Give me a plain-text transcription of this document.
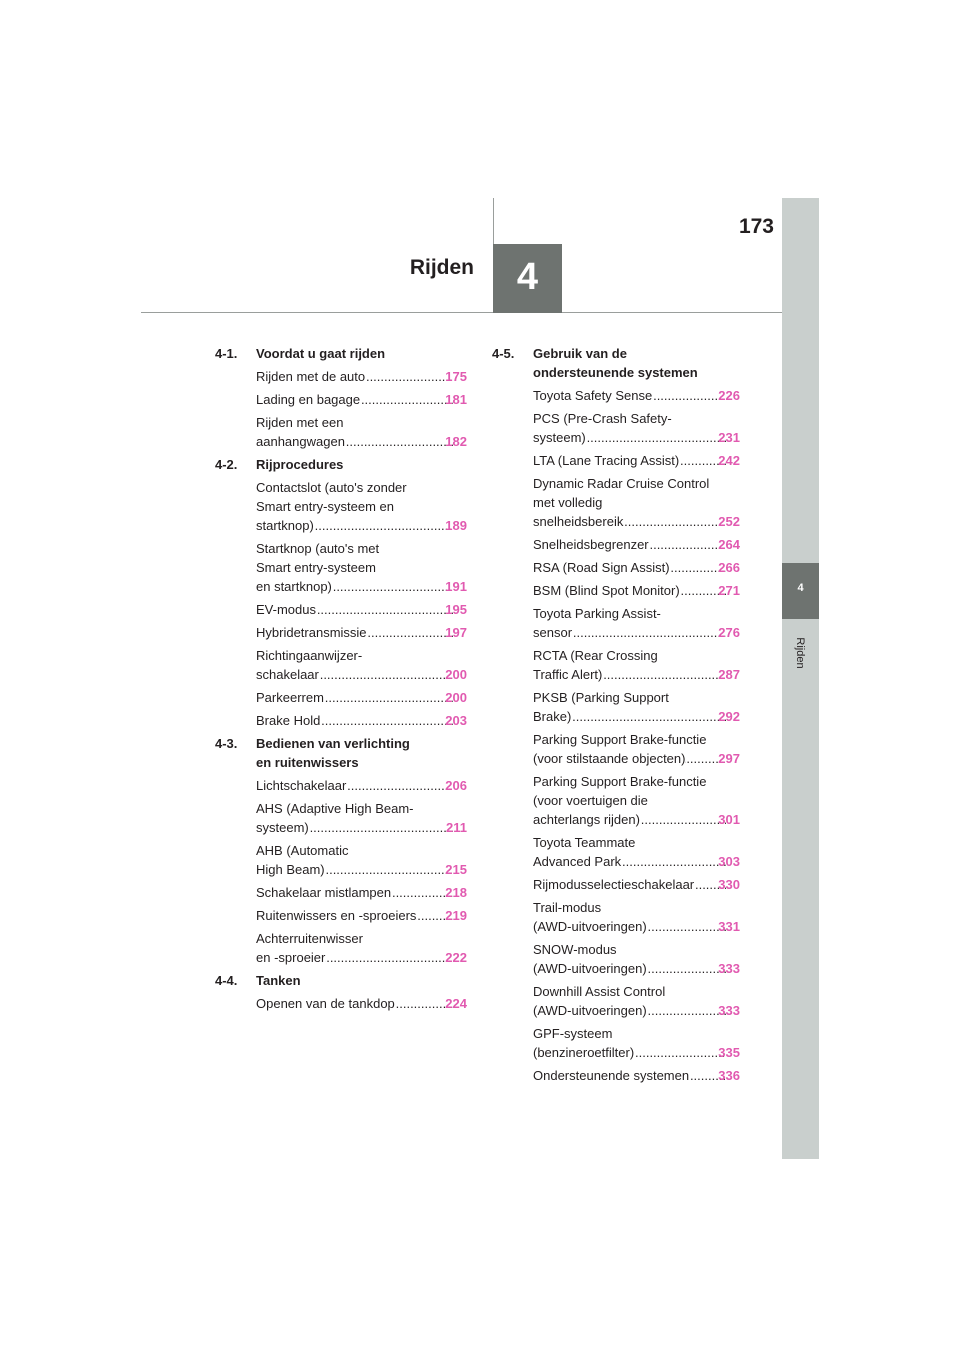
4
Rijden
173
4
Rijden
4-1.	Voordat u gaat rijden
Rijden met de auto .....	175
Lading en bagage .....	181
Rijden met een
aanhangwagen .....	182
4-2.	Rijprocedures
Contactslot (auto's zonder
Smart entry-systeem en
startknop) .....	189
Startknop (auto's met
Smart entry-systeem
en startknop) .....	191
EV-modus .....	195
Hybridetransmissie .....	197
Richtingaanwijzer-
schakelaar .....	200
Parkeerrem .....	200
Brake Hold .....	203
4-3.	Bedienen van verlichting
en ruitenwissers
Lichtschakelaar .....	206
AHS (Adaptive High Beam-
systeem) .....	211
AHB (Automatic
High Beam) .....	215
Schakelaar mistlampen .....	218
Ruitenwissers en -sproeiers ..... 219
Achterruitenwisser
en -sproeier .....	222
4-4.	Tanken
Openen van de tankdop .....	224
4-5.	Gebruik van de
ondersteunende systemen
Toyota Safety Sense .....	226
PCS (Pre-Crash Safety-
systeem) .....	231
LTA (Lane Tracing Assist) .....	242
Dynamic Radar Cruise Control
met volledig
snelheidsbereik .....	252
Snelheidsbegrenzer .....	264
RSA (Road Sign Assist) .....	266
BSM (Blind Spot Monitor) .....	271
Toyota Parking Assist-
sensor .....	276
RCTA (Rear Crossing
Traffic Alert) .....	287
PKSB (Parking Support
Brake) .....	292
Parking Support Brake-functie
(voor stilstaande objecten) .....	297
Parking Support Brake-functie
(voor voertuigen die
achterlangs rijden) .....	301
Toyota Teammate
Advanced Park .....	303
Rijmodusselectieschakelaar ..... 330
Trail-modus
(AWD-uitvoeringen) .....	331
SNOW-modus
(AWD-uitvoeringen) .....	333
Downhill Assist Control
(AWD-uitvoeringen) .....	333
GPF-systeem
(benzineroetfilter) .....	335
Ondersteunende systemen ..... 336
